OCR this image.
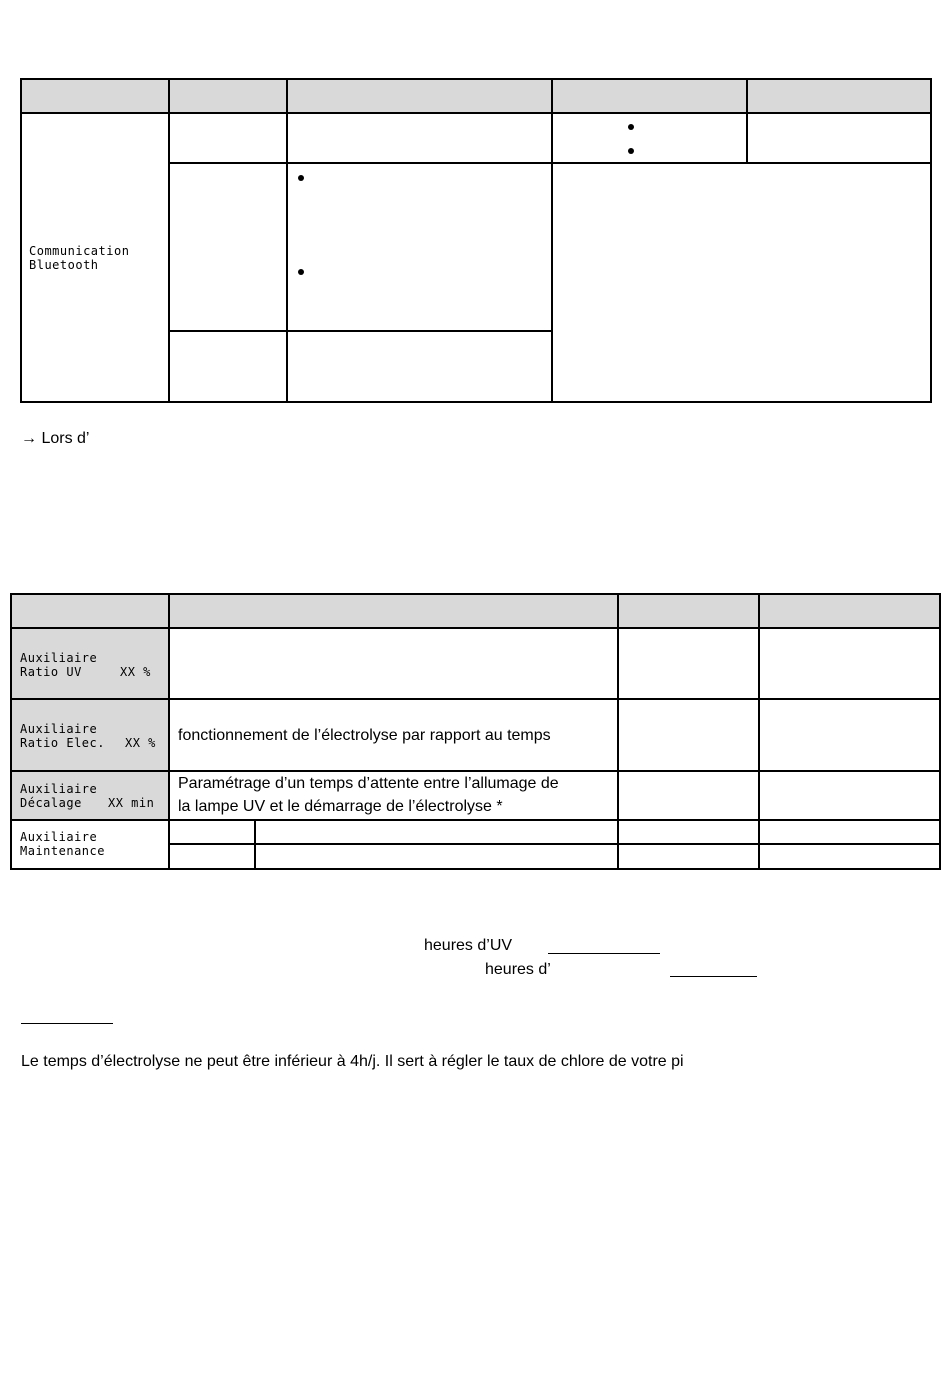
Communication
Bluetooth
→ Lors d’
Auxiliaire
Ratio UV	XX %
Auxiliaire
Ratio Elec. XX % fonctionnement de l’électrolyse par rapport au temps
Auxiliaire
Décalage XX min
Paramétrage d’un temps d’attente entre l’allumage de
la lampe UV et le démarrage de l’électrolyse *
Auxiliaire
Maintenance
heures d’UV
heures d’
Le temps d’électrolyse ne peut être inférieur à 4h/j. Il sert à régler le taux de chlore de votre pi
